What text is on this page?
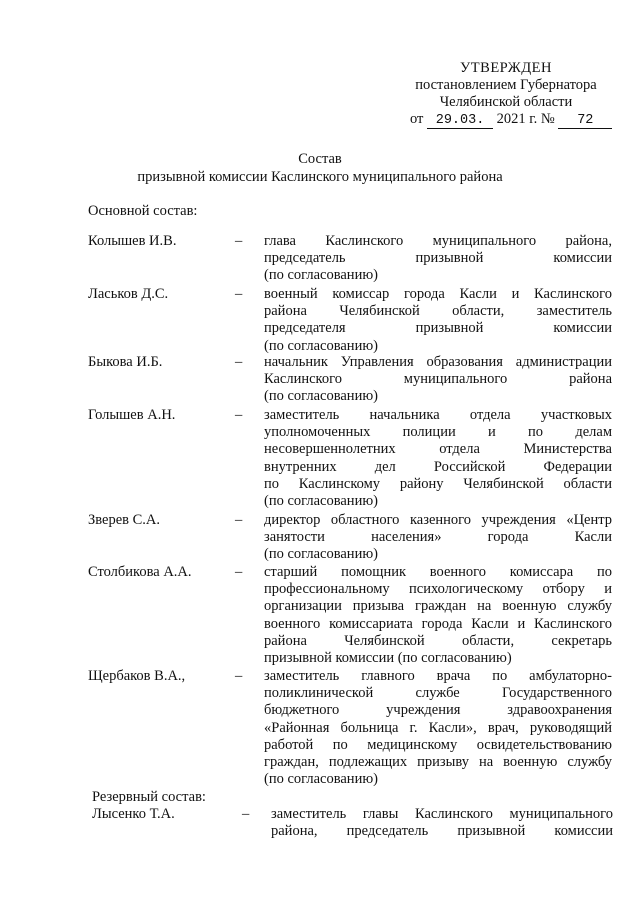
УТВЕРЖДЕН
постановлением Губернатора
Челябинской области
от 29.03. 2021 г. № 72
Состав
призывной комиссии Каслинского муниципального района
Основной состав:
Колышев И.В.	– глава Каслинского муниципального района,
председатель призывной комиссии
(по согласованию)
Ласьков Д.С.	– военный комиссар города Касли и Каслинского
района Челябинской области, заместитель
председателя призывной комиссии
(по согласованию)
Быкова И.Б.	– начальник Управления образования администрации
Каслинского муниципального района
(по согласованию)
Голышев А.Н.	– заместитель начальника отдела участковых
уполномоченных полиции и по делам
несовершеннолетних отдела Министерства
внутренних дел Российской Федерации
по Каслинскому району Челябинской области
(по согласованию)
Зверев С.А.	– директор областного казенного учреждения «Центр
занятости населения» города Касли
(по согласованию)
Столбикова А.А.	– старший помощник военного комиссара по
профессиональному психологическому отбору и
организации призыва граждан на военную службу
военного комиссариата города Касли и Каслинского
района Челябинской области, секретарь
призывной комиссии (по согласованию)
Щербаков В.А.,	– заместитель главного врача по амбулаторно-
поликлинической службе Государственного
бюджетного учреждения здравоохранения
«Районная больница г. Касли», врач, руководящий
работой по медицинскому освидетельствованию
граждан, подлежащих призыву на военную службу
(по согласованию)
Резервный состав:
Лысенко Т.А.	– заместитель главы Каслинского муниципального
района, председатель призывной комиссии
